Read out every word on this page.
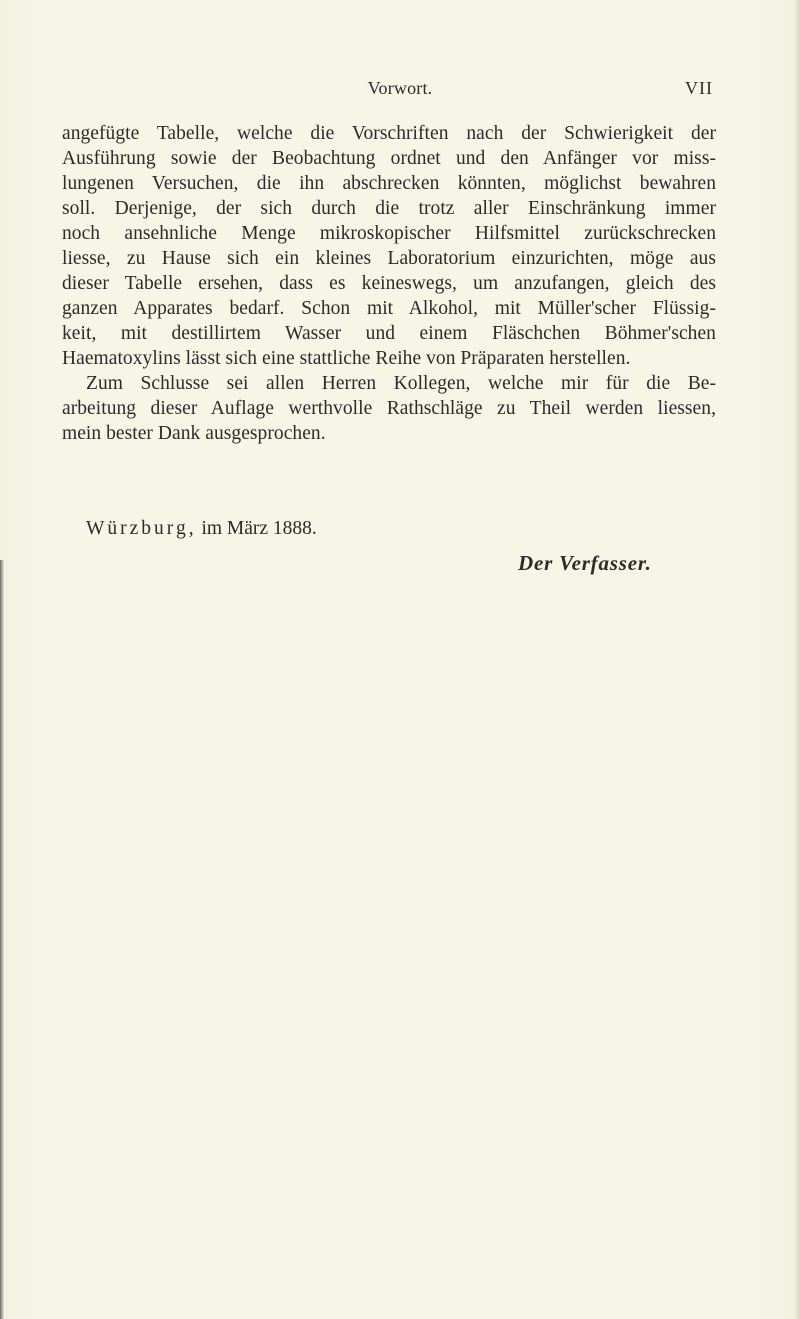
Vorwort.	VII
angefügte Tabelle, welche die Vorschriften nach der Schwierigkeit der
Ausführung sowie der Beobachtung ordnet und den Anfänger vor miss-
lungenen Versuchen, die ihn abschrecken könnten, möglichst bewahren
soll. Derjenige, der sich durch die trotz aller Einschränkung immer
noch ansehnliche Menge mikroskopischer Hilfsmittel zurückschrecken
liesse, zu Hause sich ein kleines Laboratorium einzurichten, möge aus
dieser Tabelle ersehen, dass es keineswegs, um anzufangen, gleich des
ganzen Apparates bedarf. Schon mit Alkohol, mit Müller'scher Flüssig-
keit, mit destillirtem Wasser und einem Fläschchen Böhmer'schen
Haematoxylins lässt sich eine stattliche Reihe von Präparaten herstellen.
Zum Schlusse sei allen Herren Kollegen, welche mir für die Be-
arbeitung dieser Auflage werthvolle Rathschläge zu Theil werden liessen,
mein bester Dank ausgesprochen.
Würzburg, im März 1888.
Der Verfasser.
